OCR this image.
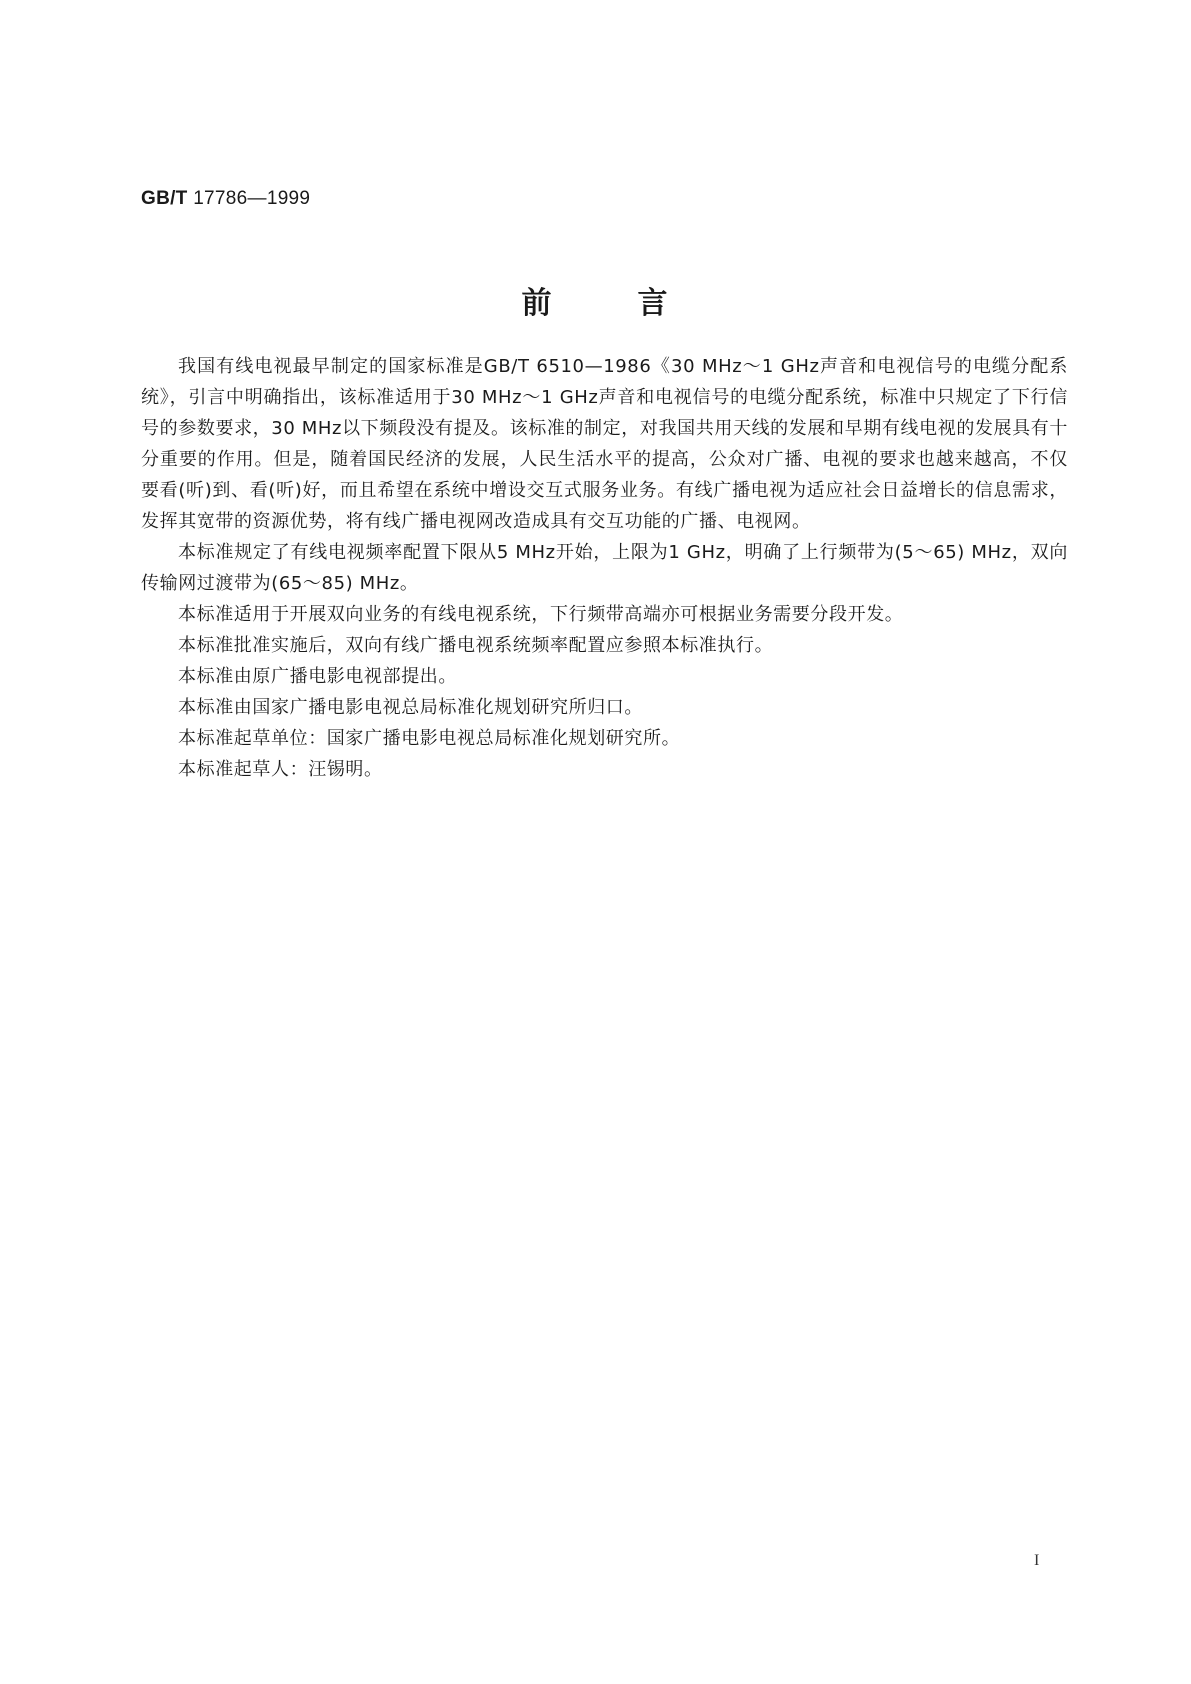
GB/T 17786—1999
前	言

我国有线电视最早制定的国家标准是GB/T 6510—1986《30 MHz～1 GHz声音和电视信号的电缆分配系统》，引言中明确指出，该标准适用于30 MHz～1 GHz声音和电视信号的电缆分配系统，标准中只规定了下行信号的参数要求，30 MHz以下频段没有提及。该标准的制定，对我国共用天线的发展和早期有线电视的发展具有十分重要的作用。但是，随着国民经济的发展，人民生活水平的提高，公众对广播、电视的要求也越来越高，不仅要看(听)到、看(听)好，而且希望在系统中增设交互式服务业务。有线广播电视为适应社会日益增长的信息需求，发挥其宽带的资源优势，将有线广播电视网改造成具有交互功能的广播、电视网。

本标准规定了有线电视频率配置下限从5 MHz开始，上限为1 GHz，明确了上行频带为(5～65) MHz，双向传输网过渡带为(65～85) MHz。

本标准适用于开展双向业务的有线电视系统，下行频带高端亦可根据业务需要分段开发。

本标准批准实施后，双向有线广播电视系统频率配置应参照本标准执行。

本标准由原广播电影电视部提出。

本标准由国家广播电影电视总局标准化规划研究所归口。

本标准起草单位：国家广播电影电视总局标准化规划研究所。

本标准起草人：汪锡明。

I
